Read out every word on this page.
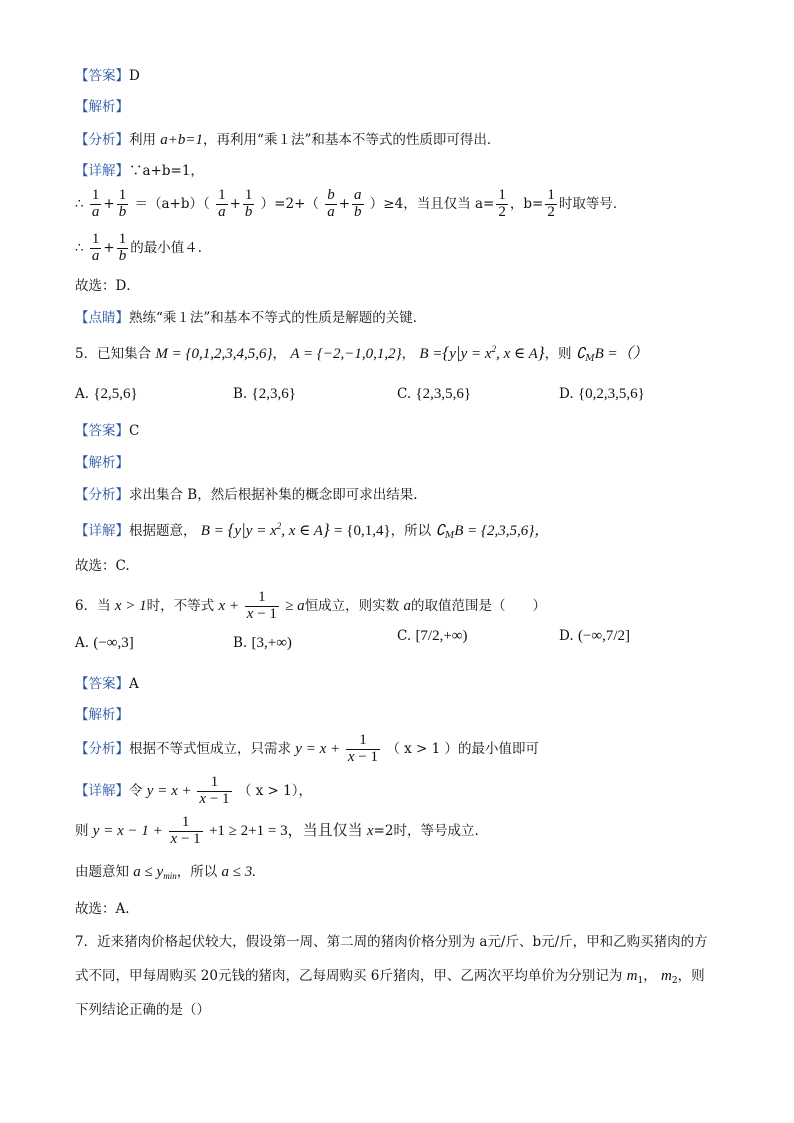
【答案】D
【解析】
【分析】利用 a+b=1，再利用“乘１法”和基本不等式的性质即可得出．
【详解】∵a+b=1，
∴ $\frac{1}{a} + \frac{1}{b} =(a+b)( \frac{1}{a} + \frac{1}{b} )=2+( \frac{b}{a} + \frac{a}{b} )\ge 4$，当且仅当 $a= \frac{1}{2}$ ，$b= \frac{1}{2}$ 时取等号．
∴ $\frac{1}{a} + \frac{1}{b}$ 的最小值４．
故选：D．
【点睛】熟练“乘１法”和基本不等式的性质是解题的关键．
5．已知集合 M = {0,1,2,3,4,5,6}， A = {−2,−1,0,1,2}， $B =\{y|y = x^2$, x ∈ A}，则 $∁_MB$ =（）
A. {2,5,6}	B. {2,3,6}	C. {2,3,5,6}	D. {0,2,3,5,6}
【答案】C
【解析】
【分析】求出集合 B，然后根据补集的概念即可求出结果.
【详解】根据题意， $B = \{y|y = x^2$, x ∈ A} = {0,1,4}，所以 $∁_MB = \{2,3,5,6\}$，
故选：C.
6．当 x > 1时，不等式 $x + \frac{1}{x - 1} \ge a$恒成立，则实数 a的取值范围是（　　）
A. (−∞,3]	B. [3,+∞)	C. [7/2,+∞)	D. (−∞,7/2]
【答案】A
【解析】
【分析】根据不等式恒成立，只需求 $y = x + \frac{1}{x - 1}$ （ x > 1 ）的最小值即可
【详解】令 $y = x + \frac{1}{x - 1}$ （ x > 1），
则 $y = x - 1 + \frac{1}{x - 1} +1 \ge 2+1 = 3$，当且仅当 x=2时，等号成立.
由题意知 $a \le y_{min}$，所以 a ≤ 3.
故选：A.
7．近来猪肉价格起伏较大，假设第一周、第二周的猪肉价格分别为 a元/斤、b元/斤，甲和乙购买猪肉的方
式不同，甲每周购买 20元钱的猪肉，乙每周购买 6斤猪肉，甲、乙两次平均单价为分别记为 $m_1$， $m_2$，则
下列结论正确的是（）
